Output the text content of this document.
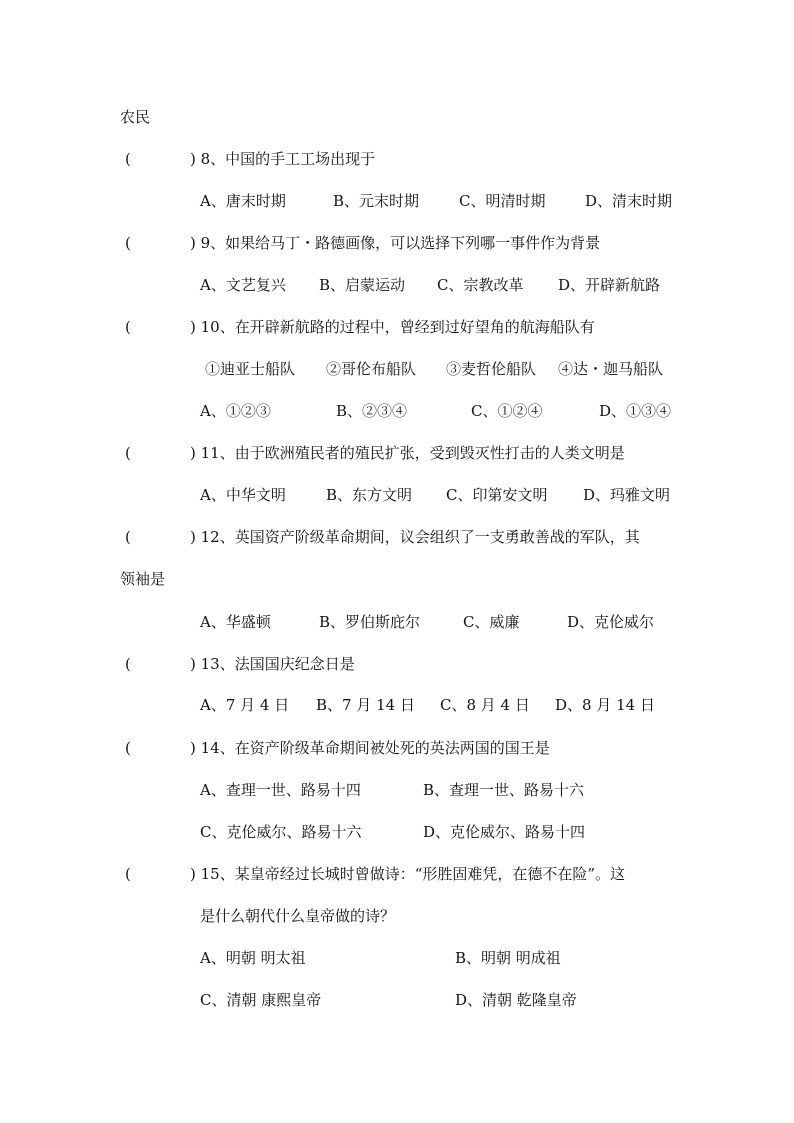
农民
(	) 8、中国的手工工场出现于
A、唐末时期	B、元末时期	C、明清时期	D、清末时期
(	) 9、如果给马丁・路德画像，可以选择下列哪一事件作为背景
A、文艺复兴 B、启蒙运动 C、宗教改革 D、开辟新航路
(	) 10、在开辟新航路的过程中，曾经到过好望角的航海船队有
①迪亚士船队 ②哥伦布船队 ③麦哲伦船队 ④达・迦马船队
A、①②③	B、②③④	C、①②④	D、①③④
(	) 11、由于欧洲殖民者的殖民扩张，受到毁灭性打击的人类文明是
A、中华文明	B、东方文明 C、印第安文明 D、玛雅文明
(	) 12、英国资产阶级革命期间，议会组织了一支勇敢善战的军队，其
领袖是
A、华盛顿	B、罗伯斯庇尔	C、威廉	D、克伦威尔
(	) 13、法国国庆纪念日是
A、7 月 4 日 B、7 月 14 日 C、8 月 4 日 D、8 月 14 日
(	) 14、在资产阶级革命期间被处死的英法两国的国王是
A、查理一世、路易十四	B、查理一世、路易十六
C、克伦威尔、路易十六	D、克伦威尔、路易十四
(	) 15、某皇帝经过长城时曾做诗：“形胜固难凭，在德不在险”。这
是什么朝代什么皇帝做的诗？
A、明朝 明太祖	B、明朝 明成祖
C、清朝 康熙皇帝	D、清朝 乾隆皇帝
